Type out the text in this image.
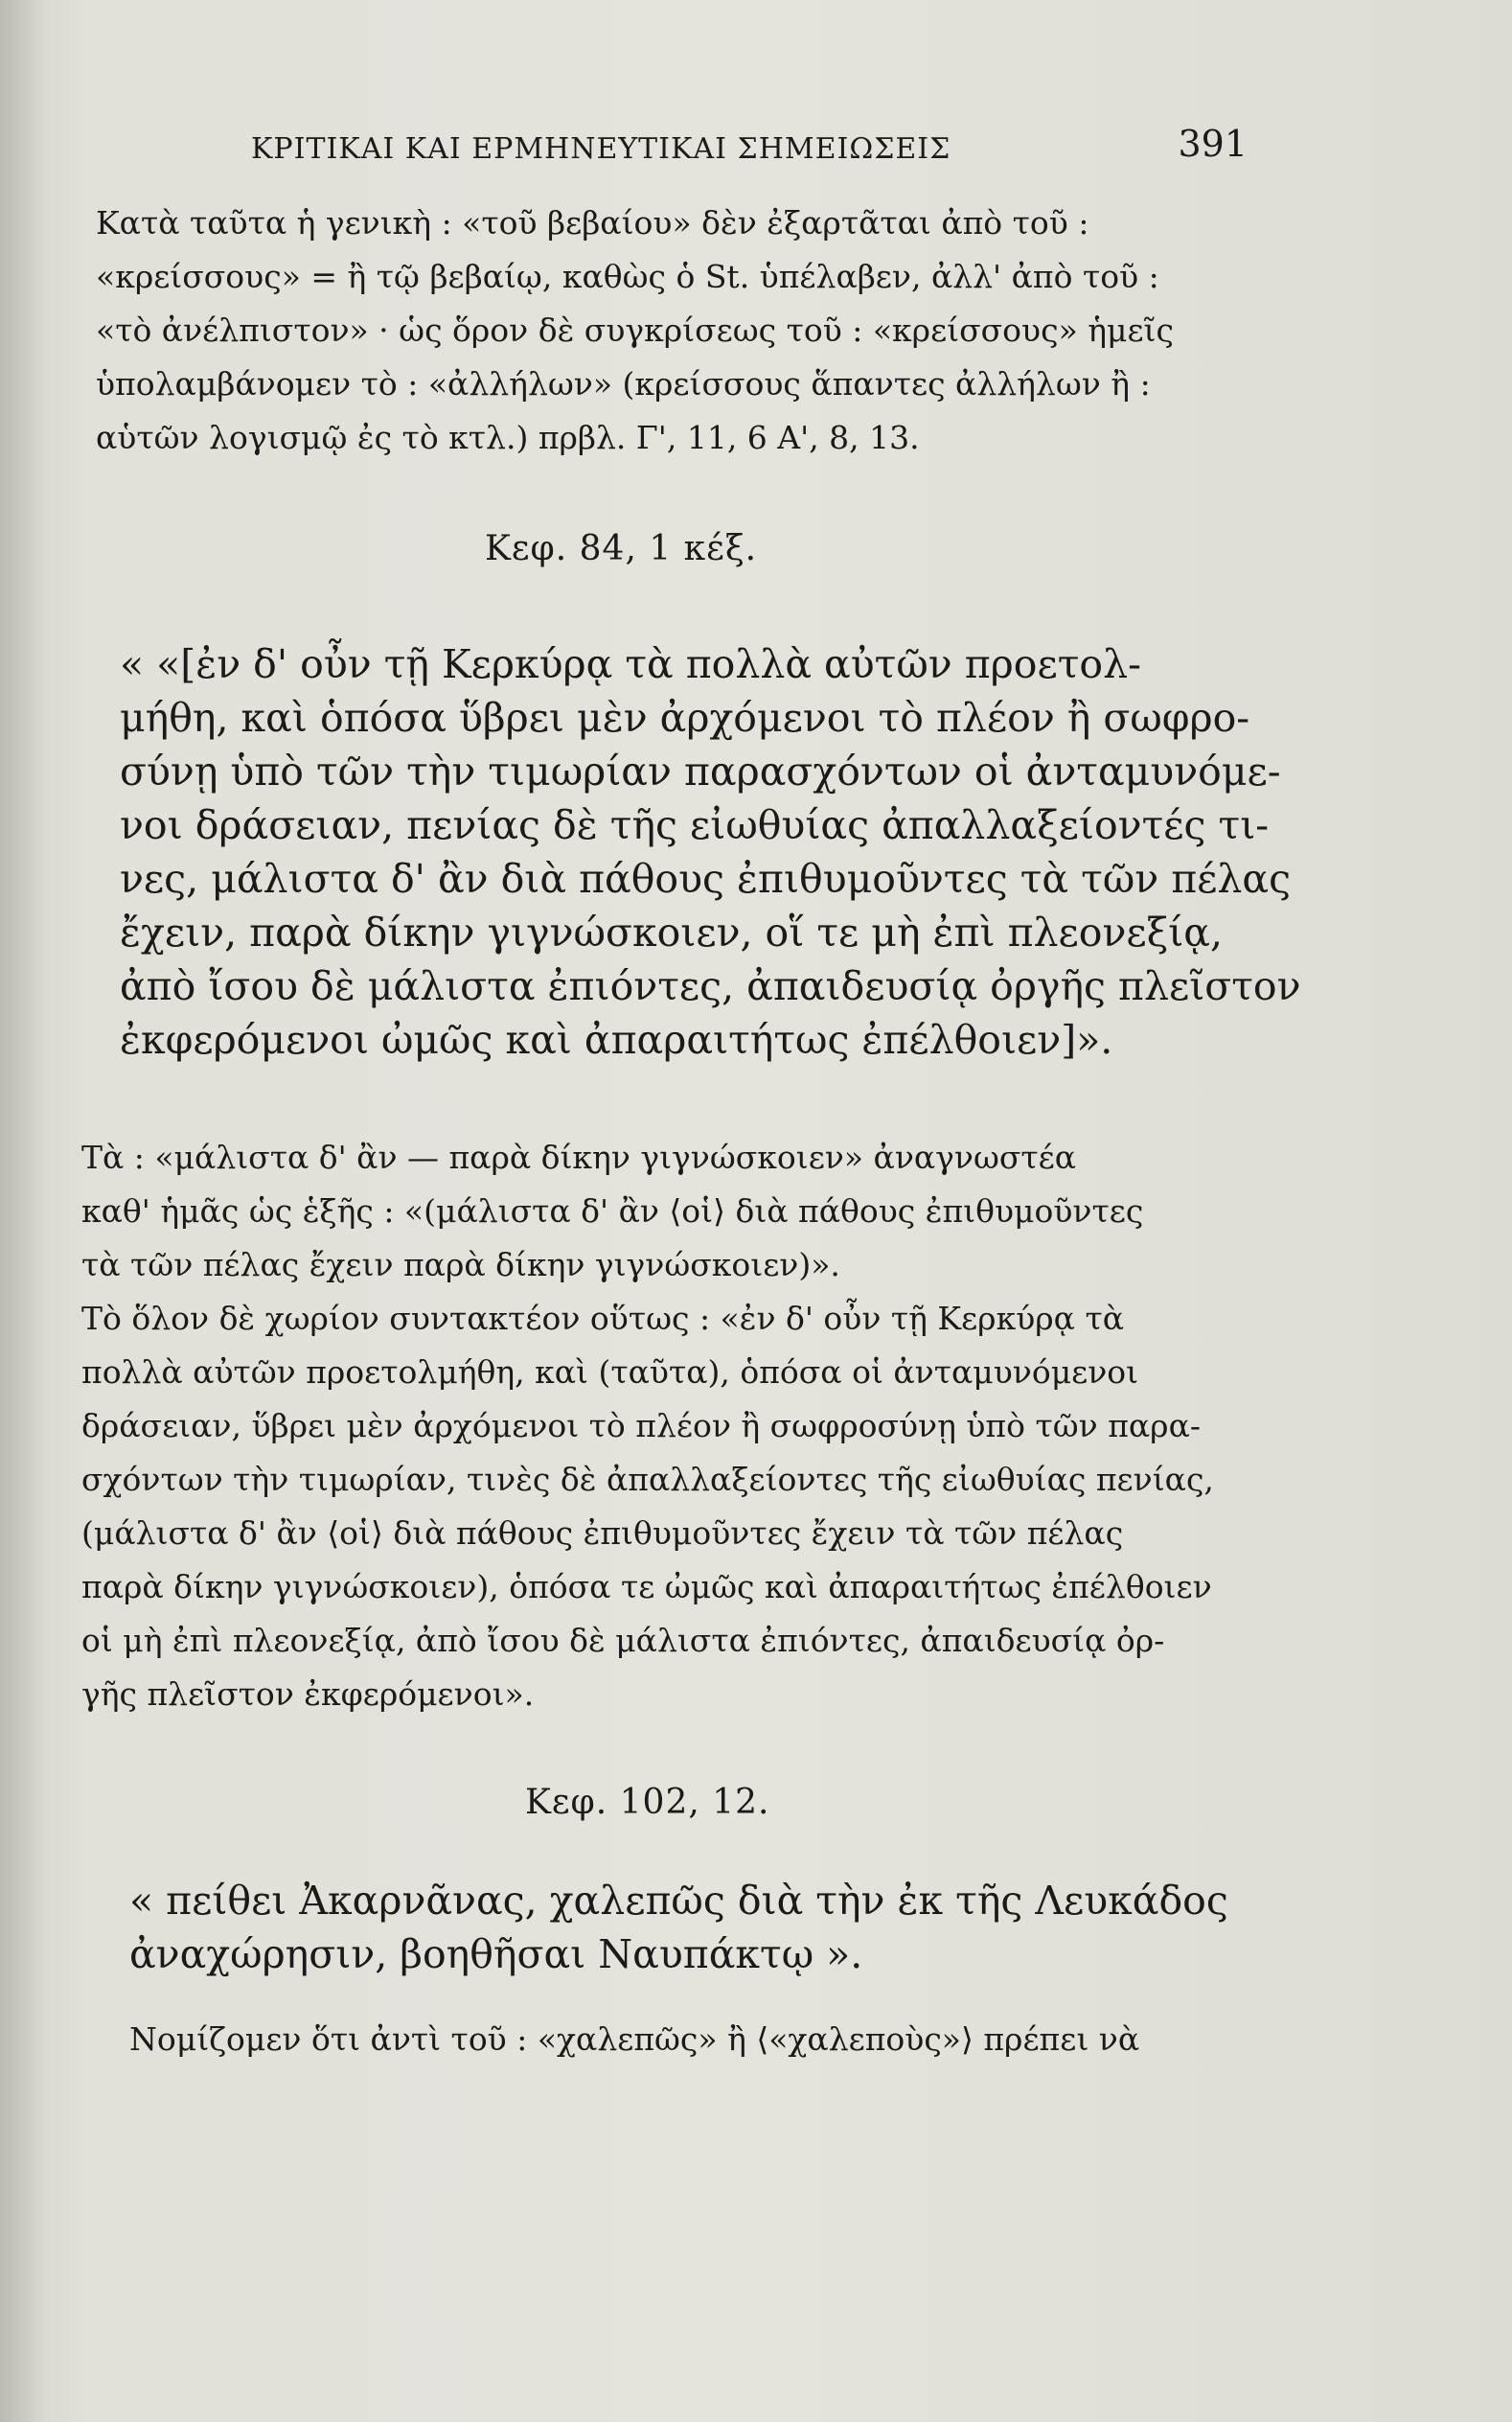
ΚΡΙΤΙΚΑΙ ΚΑΙ ΕΡΜΗΝΕΥΤΙΚΑΙ ΣΗΜΕΙΩΣΕΙΣ	391
Κατὰ ταῦτα ἡ γενικὴ : «τοῦ βεβαίου» δὲν ἐξαρτᾶται ἀπὸ τοῦ :
«κρείσσους» = ἢ τῷ βεβαίῳ, καθὼς ὁ St. ὑπέλαβεν, ἀλλ' ἀπὸ τοῦ :
«τὸ ἀνέλπιστον» · ὡς ὅρον δὲ συγκρίσεως τοῦ : «κρείσσους» ἡμεῖς
ὑπολαμβάνομεν τὸ : «ἀλλήλων» (κρείσσους ἅπαντες ἀλλήλων ἢ :
αὑτῶν λογισμῷ ἐς τὸ κτλ.) πρβλ. Γ', 11, 6 Α', 8, 13.
Κεφ. 84, 1 κέξ.
« «[ἐν δ' οὖν τῇ Κερκύρᾳ τὰ πολλὰ αὐτῶν προετολ-
μήθη, καὶ ὁπόσα ὕβρει μὲν ἀρχόμενοι τὸ πλέον ἢ σωφρο-
σύνῃ ὑπὸ τῶν τὴν τιμωρίαν παρασχόντων οἱ ἀνταμυνόμε-
νοι δράσειαν, πενίας δὲ τῆς εἰωθυίας ἀπαλλαξείοντές τι-
νες, μάλιστα δ' ἂν διὰ πάθους ἐπιθυμοῦντες τὰ τῶν πέλας
ἔχειν, παρὰ δίκην γιγνώσκοιεν, οἵ τε μὴ ἐπὶ πλεονεξίᾳ,
ἀπὸ ἴσου δὲ μάλιστα ἐπιόντες, ἀπαιδευσίᾳ ὀργῆς πλεῖστον
ἐκφερόμενοι ὠμῶς καὶ ἀπαραιτήτως ἐπέλθοιεν]».
Τὰ : «μάλιστα δ' ἂν — παρὰ δίκην γιγνώσκοιεν» ἀναγνωστέα
καθ' ἡμᾶς ὡς ἑξῆς : «(μάλιστα δ' ἂν ⟨οἱ⟩ διὰ πάθους ἐπιθυμοῦντες
τὰ τῶν πέλας ἔχειν παρὰ δίκην γιγνώσκοιεν)».
Τὸ ὅλον δὲ χωρίον συντακτέον οὕτως : «ἐν δ' οὖν τῇ Κερκύρᾳ τὰ
πολλὰ αὐτῶν προετολμήθη, καὶ (ταῦτα), ὁπόσα οἱ ἀνταμυνόμενοι
δράσειαν, ὕβρει μὲν ἀρχόμενοι τὸ πλέον ἢ σωφροσύνῃ ὑπὸ τῶν παρα-
σχόντων τὴν τιμωρίαν, τινὲς δὲ ἀπαλλαξείοντες τῆς εἰωθυίας πενίας,
(μάλιστα δ' ἂν ⟨οἱ⟩ διὰ πάθους ἐπιθυμοῦντες ἔχειν τὰ τῶν πέλας
παρὰ δίκην γιγνώσκοιεν), ὁπόσα τε ὠμῶς καὶ ἀπαραιτήτως ἐπέλθοιεν
οἱ μὴ ἐπὶ πλεονεξίᾳ, ἀπὸ ἴσου δὲ μάλιστα ἐπιόντες, ἀπαιδευσίᾳ ὀρ-
γῆς πλεῖστον ἐκφερόμενοι».
Κεφ. 102, 12.
« πείθει Ἀκαρνᾶνας, χαλεπῶς διὰ τὴν ἐκ τῆς Λευκάδος
ἀναχώρησιν, βοηθῆσαι Ναυπάκτῳ ».
Νομίζομεν ὅτι ἀντὶ τοῦ : «χαλεπῶς» ἢ ⟨«χαλεποὺς»⟩ πρέπει νὰ
